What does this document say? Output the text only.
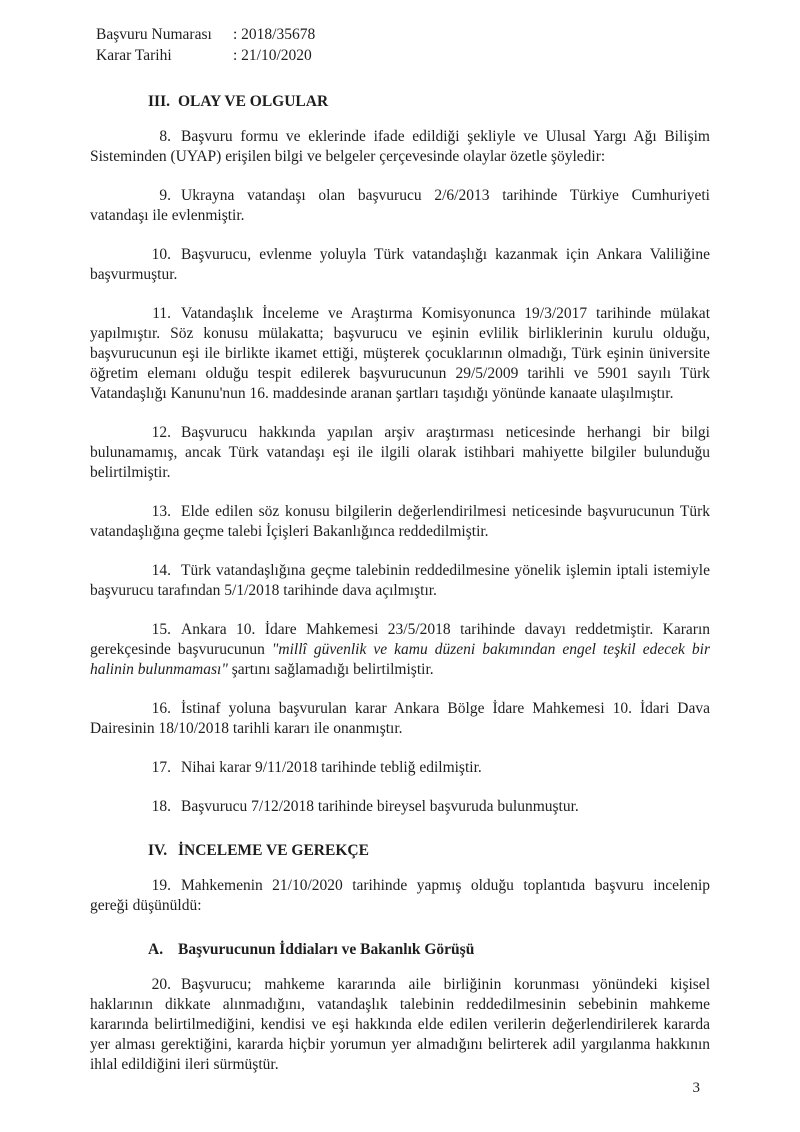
Başvuru Numarası	: 2018/35678
Karar Tarihi	: 21/10/2020
III. OLAY VE OLGULAR

8. Başvuru formu ve eklerinde ifade edildiği şekliyle ve Ulusal Yargı Ağı Bilişim Sisteminden (UYAP) erişilen bilgi ve belgeler çerçevesinde olaylar özetle şöyledir:

9. Ukrayna vatandaşı olan başvurucu 2/6/2013 tarihinde Türkiye Cumhuriyeti vatandaşı ile evlenmiştir.

10. Başvurucu, evlenme yoluyla Türk vatandaşlığı kazanmak için Ankara Valiliğine başvurmuştur.

11. Vatandaşlık İnceleme ve Araştırma Komisyonunca 19/3/2017 tarihinde mülakat yapılmıştır. Söz konusu mülakatta; başvurucu ve eşinin evlilik birliklerinin kurulu olduğu, başvurucunun eşi ile birlikte ikamet ettiği, müşterek çocuklarının olmadığı, Türk eşinin üniversite öğretim elemanı olduğu tespit edilerek başvurucunun 29/5/2009 tarihli ve 5901 sayılı Türk Vatandaşlığı Kanunu'nun 16. maddesinde aranan şartları taşıdığı yönünde kanaate ulaşılmıştır.

12. Başvurucu hakkında yapılan arşiv araştırması neticesinde herhangi bir bilgi bulunamamış, ancak Türk vatandaşı eşi ile ilgili olarak istihbari mahiyette bilgiler bulunduğu belirtilmiştir.

13. Elde edilen söz konusu bilgilerin değerlendirilmesi neticesinde başvurucunun Türk vatandaşlığına geçme talebi İçişleri Bakanlığınca reddedilmiştir.

14. Türk vatandaşlığına geçme talebinin reddedilmesine yönelik işlemin iptali istemiyle başvurucu tarafından 5/1/2018 tarihinde dava açılmıştır.

15. Ankara 10. İdare Mahkemesi 23/5/2018 tarihinde davayı reddetmiştir. Kararın gerekçesinde başvurucunun "millî güvenlik ve kamu düzeni bakımından engel teşkil edecek bir halinin bulunmaması" şartını sağlamadığı belirtilmiştir.

16. İstinaf yoluna başvurulan karar Ankara Bölge İdare Mahkemesi 10. İdari Dava Dairesinin 18/10/2018 tarihli kararı ile onanmıştır.

17. Nihai karar 9/11/2018 tarihinde tebliğ edilmiştir.

18. Başvurucu 7/12/2018 tarihinde bireysel başvuruda bulunmuştur.

IV. İNCELEME VE GEREKÇE

19. Mahkemenin 21/10/2020 tarihinde yapmış olduğu toplantıda başvuru incelenip gereği düşünüldü:

A. Başvurucunun İddiaları ve Bakanlık Görüşü

20. Başvurucu; mahkeme kararında aile birliğinin korunması yönündeki kişisel haklarının dikkate alınmadığını, vatandaşlık talebinin reddedilmesinin sebebinin mahkeme kararında belirtilmediğini, kendisi ve eşi hakkında elde edilen verilerin değerlendirilerek kararda yer alması gerektiğini, kararda hiçbir yorumun yer almadığını belirterek adil yargılanma hakkının ihlal edildiğini ileri sürmüştür.

3
